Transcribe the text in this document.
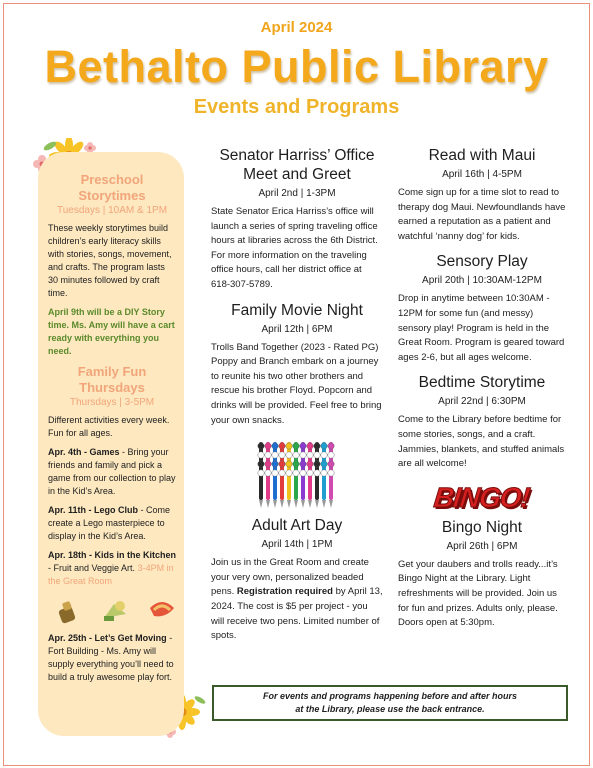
April 2024
Bethalto Public Library
Events and Programs
Preschool
Storytimes
Tuesdays | 10AM & 1PM

These weekly storytimes build children’s early literacy skills with stories, songs, movement, and crafts. The program lasts 30 minutes followed by craft time.

April 9th will be a DIY Story time. Ms. Amy will have a cart ready with everything you need.

Family Fun
Thursdays
Thursdays | 3-5PM

Different activities every week. Fun for all ages.

Apr. 4th - Games - Bring your friends and family and pick a game from our collection to play in the Kid’s Area.

Apr. 11th - Lego Club - Come create a Lego masterpiece to display in the Kid’s Area.

Apr. 18th - Kids in the Kitchen - Fruit and Veggie Art. 3-4PM in the Great Room

Apr. 25th - Let’s Get Moving - Fort Building - Ms. Amy will supply everything you’ll need to build a truly awesome play fort.

Senator Harriss’ Office Meet and Greet
April 2nd | 1-3PM

State Senator Erica Harriss’s office will launch a series of spring traveling office hours at libraries across the 6th District. For more information on the traveling office hours, call her district office at 618-307-5789.

Family Movie Night
April 12th | 6PM

Trolls Band Together (2023 - Rated PG) Poppy and Branch embark on a journey to reunite his two other brothers and rescue his brother Floyd. Popcorn and drinks will be provided. Feel free to bring your own snacks.

Adult Art Day
April 14th | 1PM

Join us in the Great Room and create your very own, personalized beaded pens. Registration required by April 13, 2024. The cost is $5 per project - you will receive two pens. Limited number of spots.

Read with Maui
April 16th | 4-5PM

Come sign up for a time slot to read to therapy dog Maui. Newfoundlands have earned a reputation as a patient and watchful ‘nanny dog’ for kids.

Sensory Play
April 20th | 10:30AM-12PM

Drop in anytime between 10:30AM - 12PM for some fun (and messy) sensory play! Program is held in the Great Room. Program is geared toward ages 2-6, but all ages welcome.

Bedtime Storytime
April 22nd | 6:30PM

Come to the Library before bedtime for some stories, songs, and a craft. Jammies, blankets, and stuffed animals are all welcome!

BINGO!
Bingo Night
April 26th | 6PM

Get your daubers and trolls ready...it’s Bingo Night at the Library. Light refreshments will be provided. Join us for fun and prizes. Adults only, please. Doors open at 5:30pm.

For events and programs happening before and after hours
at the Library, please use the back entrance.
